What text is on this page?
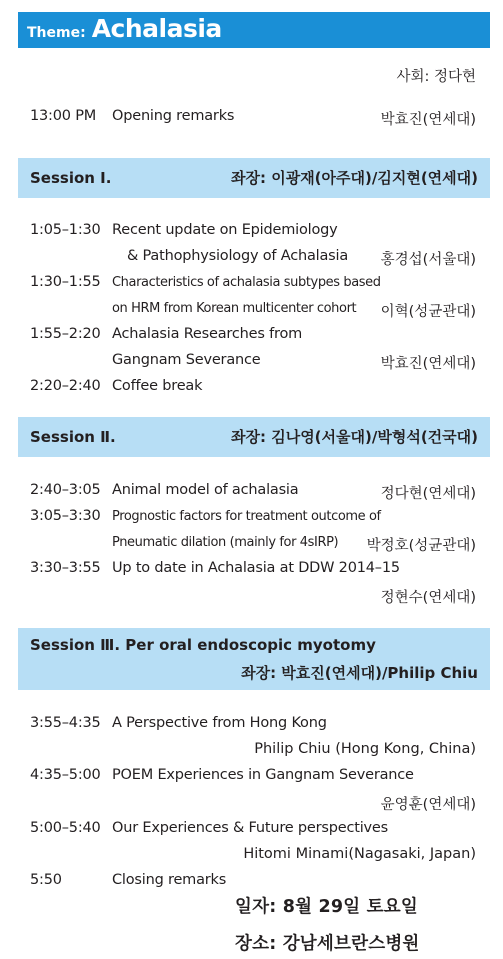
Theme: Achalasia
사회: 정다현
13:00 PM Opening remarks	박효진(연세대)
Session Ⅰ.	좌장: 이광재(아주대)/김지현(연세대)
1:05–1:30 Recent update on Epidemiology
& Pathophysiology of Achalasia 홍경섭(서울대)
1:30–1:55 Characteristics of achalasia subtypes based
on HRM from Korean multicenter cohort 이혁(성균관대)
1:55–2:20 Achalasia Researches from
Gangnam Severance	박효진(연세대)
2:20–2:40 Coffee break
Session Ⅱ.	좌장: 김나영(서울대)/박형석(건국대)
2:40–3:05 Animal model of achalasia	정다현(연세대)
3:05–3:30 Prognostic factors for treatment outcome of
Pneumatic dilation (mainly for 4sIRP) 박정호(성균관대)
3:30–3:55 Up to date in Achalasia at DDW 2014–15
정현수(연세대)
Session Ⅲ. Per oral endoscopic myotomy
좌장: 박효진(연세대)/Philip Chiu
3:55–4:35 A Perspective from Hong Kong
Philip Chiu (Hong Kong, China)
4:35–5:00 POEM Experiences in Gangnam Severance
윤영훈(연세대)
5:00–5:40 Our Experiences & Future perspectives
Hitomi Minami(Nagasaki, Japan)
5:50	Closing remarks
일자: 8월 29일 토요일
장소: 강남세브란스병원
